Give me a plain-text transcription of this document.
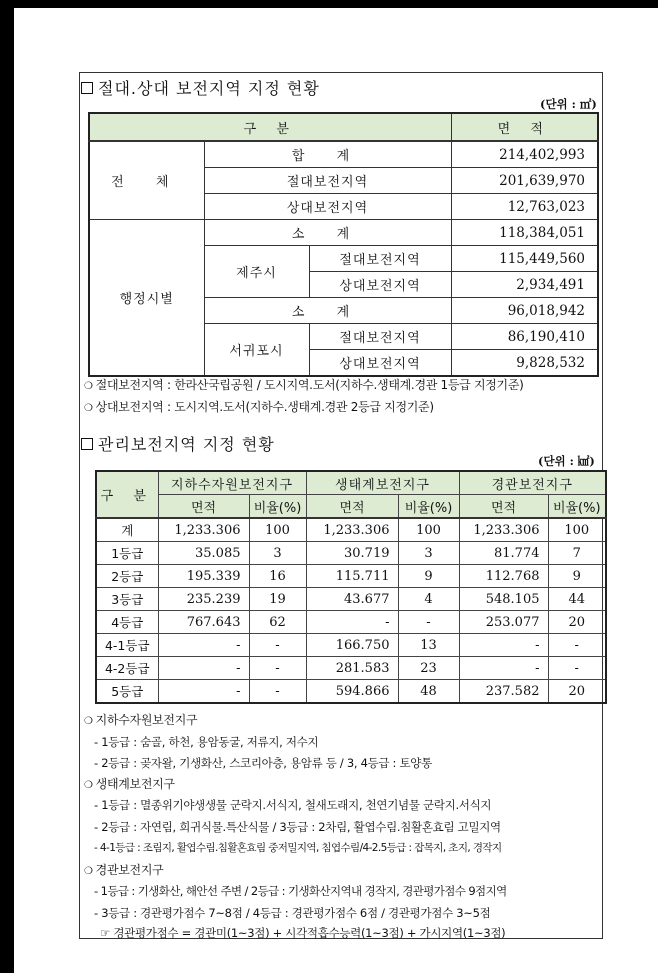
절대.상대 보전지역 지정 현황
(단위 : ㎡)
구 분			면 적
전 체	합 계		214,402,993
	절대보전지역		201,639,970
	상대보전지역		12,763,023
행정시별	소 계		118,384,051
	제주시	절대보전지역	115,449,560
		상대보전지역	2,934,491
	소 계		96,018,942
	서귀포시	절대보전지역	86,190,410
		상대보전지역	9,828,532
❍ 절대보전지역 : 한라산국립공원 / 도시지역.도서(지하수.생태계.경관 1등급 지정기준)
❍ 상대보전지역 : 도시지역.도서(지하수.생태계.경관 2등급 지정기준)
관리보전지역 지정 현황
(단위 : ㎢)
구 분	지하수자원보전지구		생태계보전지구		경관보전지구	
	면적	비율(%)	면적	비율(%)	면적	비율(%)
계	1,233.306	100	1,233.306	100	1,233.306	100
1등급	35.085	3	30.719	3	81.774	7
2등급	195.339	16	115.711	9	112.768	9
3등급	235.239	19	43.677	4	548.105	44
4등급	767.643	62	-	-	253.077	20
4-1등급	-	-	166.750	13	-	-
4-2등급	-	-	281.583	23	-	-
5등급	-	-	594.866	48	237.582	20
❍ 지하수자원보전지구
- 1등급 : 숨골, 하천, 용암동굴, 저류지, 저수지
- 2등급 : 곶자왈, 기생화산, 스코리아층, 용암류 등 / 3, 4등급 : 토양통
❍ 생태계보전지구
- 1등급 : 멸종위기야생생물 군락지.서식지, 철새도래지, 천연기념물 군락지.서식지
- 2등급 : 자연림, 희귀식물.특산식물 / 3등급 : 2차림, 활엽수림.침활혼효림 고밀지역
- 4-1등급 : 조림지, 활엽수림.침활혼효림 중저밀지역, 침엽수림/4-2.5등급 : 잡목지, 초지, 경작지
❍ 경관보전지구
- 1등급 : 기생화산, 해안선 주변 / 2등급 : 기생화산지역내 경작지, 경관평가점수 9점지역
- 3등급 : 경관평가점수 7~8점 / 4등급 : 경관평가점수 6점 / 경관평가점수 3~5점
☞ 경관평가점수 = 경관미(1~3점) + 시각적흡수능력(1~3점) + 가시지역(1~3점)
